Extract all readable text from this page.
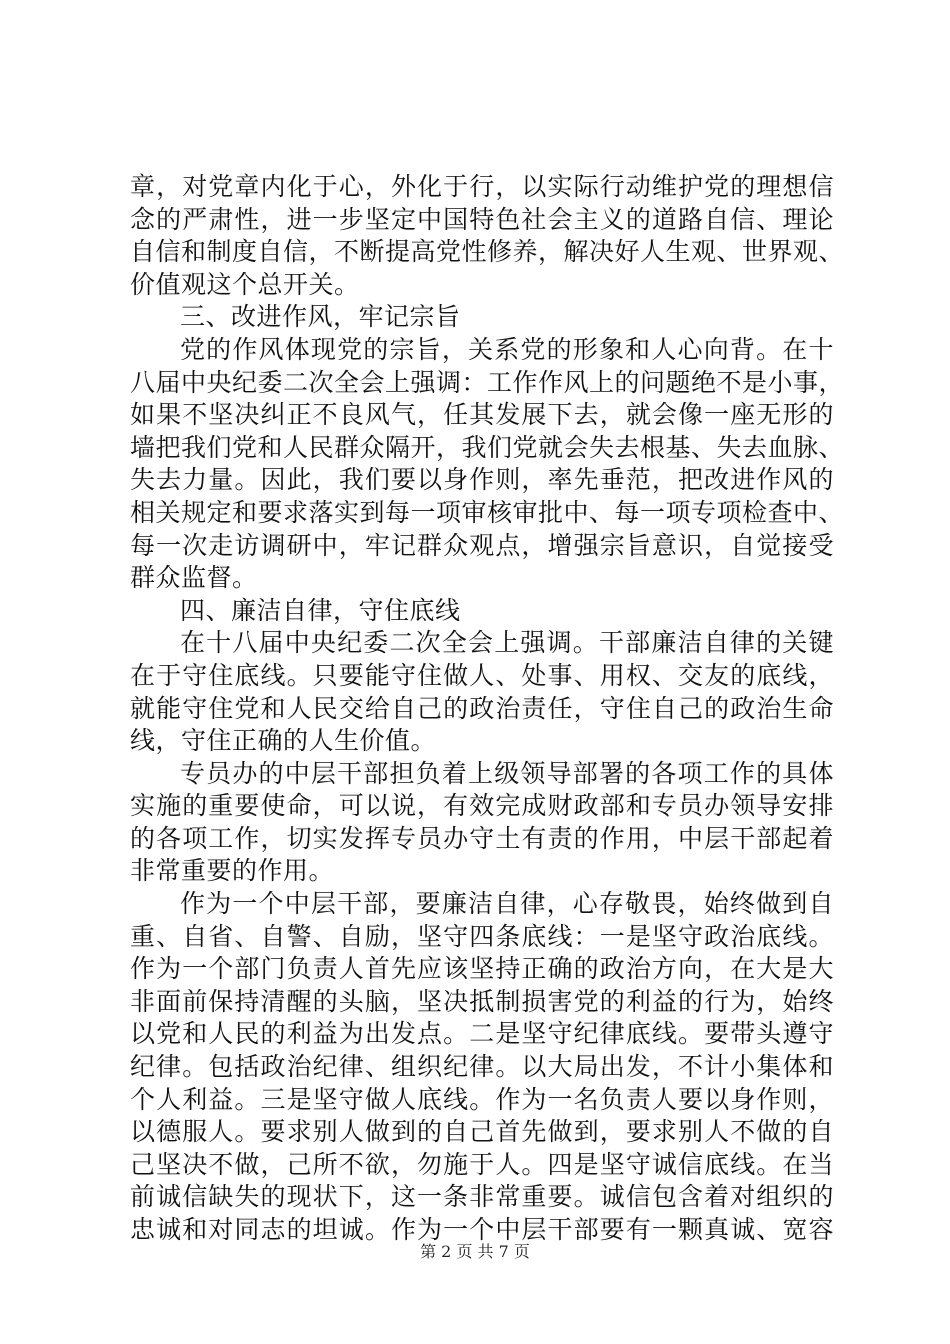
章，对党章内化于心，外化于行，以实际行动维护党的理想信
念的严肃性，进一步坚定中国特色社会主义的道路自信、理论
自信和制度自信，不断提高党性修养，解决好人生观、世界观、
价值观这个总开关。
三、改进作风，牢记宗旨
党的作风体现党的宗旨，关系党的形象和人心向背。在十
八届中央纪委二次全会上强调：工作作风上的问题绝不是小事，
如果不坚决纠正不良风气，任其发展下去，就会像一座无形的
墙把我们党和人民群众隔开，我们党就会失去根基、失去血脉、
失去力量。因此，我们要以身作则，率先垂范，把改进作风的
相关规定和要求落实到每一项审核审批中、每一项专项检查中、
每一次走访调研中，牢记群众观点，增强宗旨意识，自觉接受
群众监督。
四、廉洁自律，守住底线
在十八届中央纪委二次全会上强调。干部廉洁自律的关键
在于守住底线。只要能守住做人、处事、用权、交友的底线，
就能守住党和人民交给自己的政治责任，守住自己的政治生命
线，守住正确的人生价值。
专员办的中层干部担负着上级领导部署的各项工作的具体
实施的重要使命，可以说，有效完成财政部和专员办领导安排
的各项工作，切实发挥专员办守土有责的作用，中层干部起着
非常重要的作用。
作为一个中层干部，要廉洁自律，心存敬畏，始终做到自
重、自省、自警、自励，坚守四条底线：一是坚守政治底线。
作为一个部门负责人首先应该坚持正确的政治方向，在大是大
非面前保持清醒的头脑，坚决抵制损害党的利益的行为，始终
以党和人民的利益为出发点。二是坚守纪律底线。要带头遵守
纪律。包括政治纪律、组织纪律。以大局出发，不计小集体和
个人利益。三是坚守做人底线。作为一名负责人要以身作则，
以德服人。要求别人做到的自己首先做到，要求别人不做的自
己坚决不做，己所不欲，勿施于人。四是坚守诚信底线。在当
前诚信缺失的现状下，这一条非常重要。诚信包含着对组织的
忠诚和对同志的坦诚。作为一个中层干部要有一颗真诚、宽容
第 2 页 共 7 页
